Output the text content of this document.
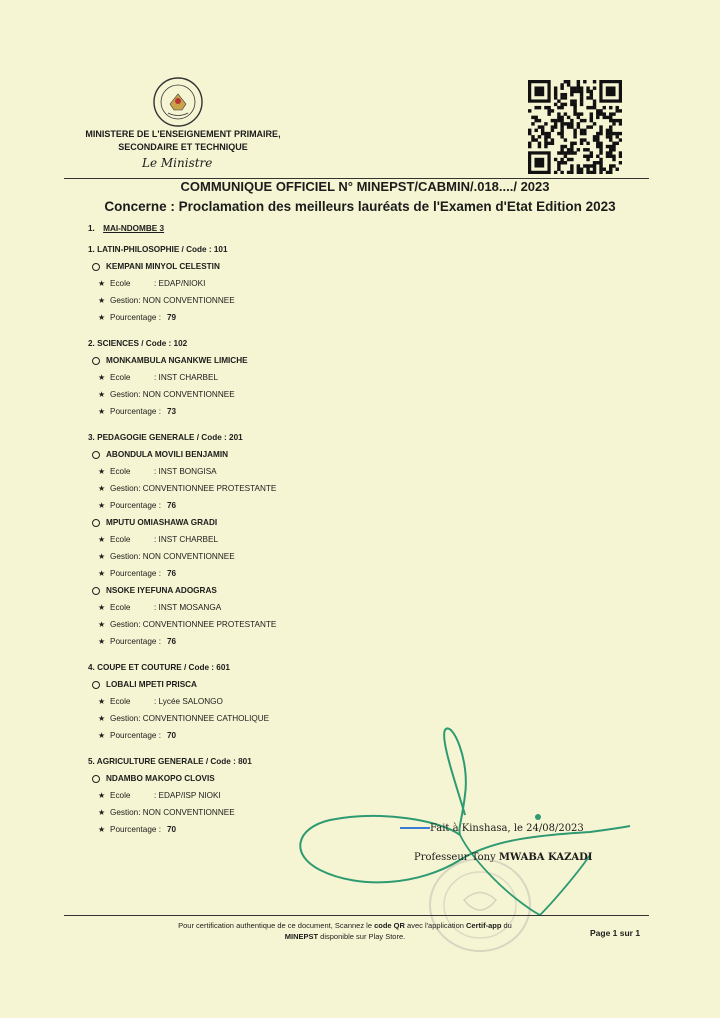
MINISTERE DE L'ENSEIGNEMENT PRIMAIRE,
SECONDAIRE ET TECHNIQUE
Le Ministre
COMMUNIQUE OFFICIEL N° MINEPST/CABMIN/.018..../ 2023
Concerne : Proclamation des meilleurs lauréats de l'Examen d'Etat Edition 2023
1. MAI-NDOMBE 3
1. LATIN-PHILOSOPHIE / Code : 101
KEMPANI MINYOL CELESTIN
★ Ecole	: EDAP/NIOKI
★ Gestion: NON CONVENTIONNEE
★ Pourcentage : 79
2. SCIENCES / Code : 102
MONKAMBULA NGANKWE LIMICHE
★ Ecole	: INST CHARBEL
★ Gestion: NON CONVENTIONNEE
★ Pourcentage : 73
3. PEDAGOGIE GENERALE / Code : 201
ABONDULA MOVILI BENJAMIN
★ Ecole	: INST BONGISA
★ Gestion: CONVENTIONNEE PROTESTANTE
★ Pourcentage : 76
MPUTU OMIASHAWA GRADI
★ Ecole	: INST CHARBEL
★ Gestion: NON CONVENTIONNEE
★ Pourcentage : 76
NSOKE IYEFUNA ADOGRAS
★ Ecole	: INST MOSANGA
★ Gestion: CONVENTIONNEE PROTESTANTE
★ Pourcentage : 76
4. COUPE ET COUTURE / Code : 601
LOBALI MPETI PRISCA
★ Ecole	: Lycée SALONGO
★ Gestion: CONVENTIONNEE CATHOLIQUE
★ Pourcentage : 70
5. AGRICULTURE GENERALE / Code : 801
NDAMBO MAKOPO CLOVIS
★ Ecole	: EDAP/ISP NIOKI
★ Gestion: NON CONVENTIONNEE
★ Pourcentage : 70	Fait à Kinshasa, le 24/08/2023
Professeur Tony MWABA KAZADI
Pour certification authentique de ce document, Scannez le code QR avec l'application Certif-app du
MINEPST disponible sur Play Store.	Page 1 sur 1
